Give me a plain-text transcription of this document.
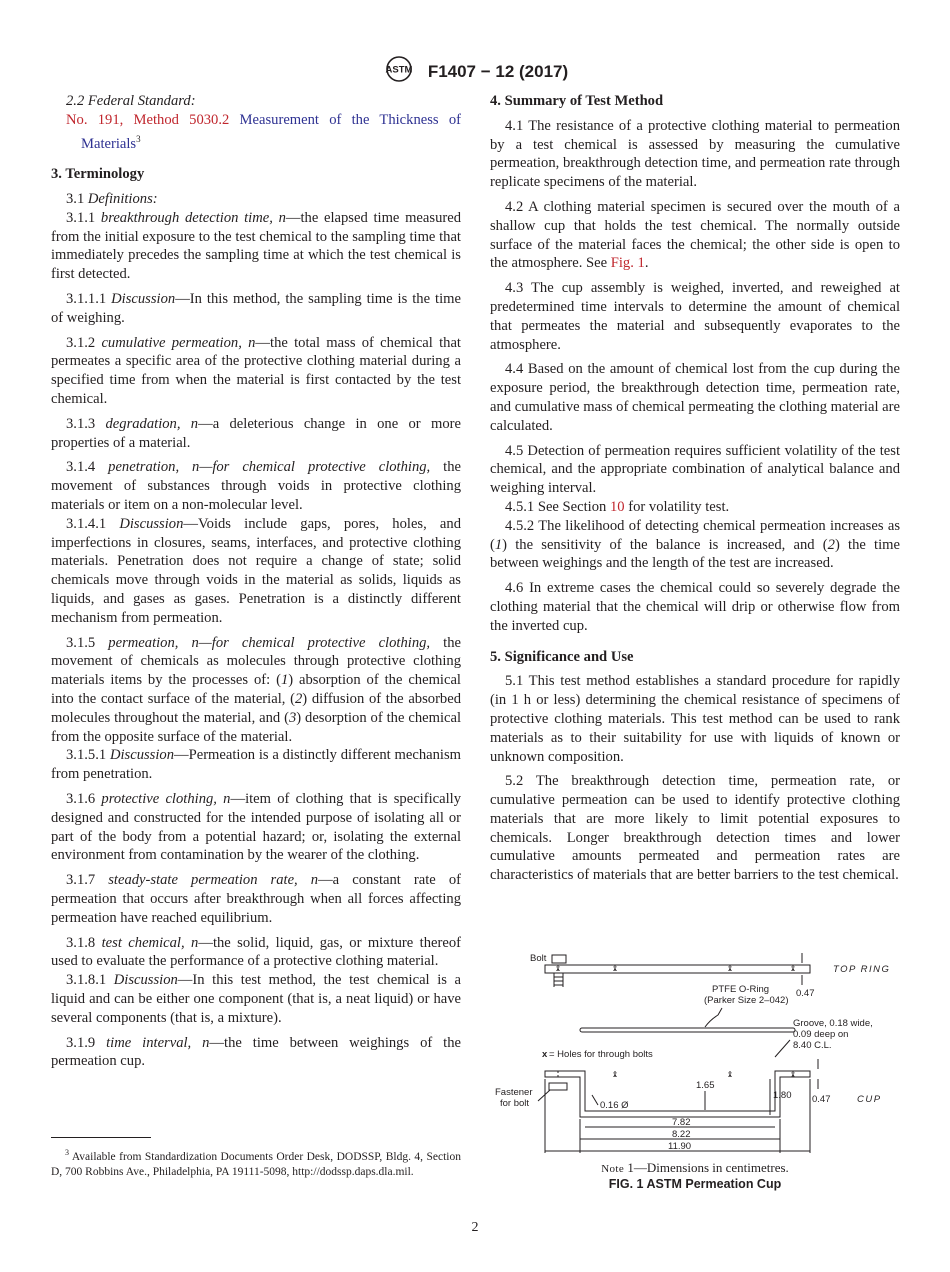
ASTM F1407 − 12 (2017)

2.2 Federal Standard:

No. 191, Method 5030.2 Measurement of the Thickness of Materials$^3$

3. Terminology

3.1 Definitions:

3.1.1 breakthrough detection time, n—the elapsed time measured from the initial exposure to the test chemical to the sampling time that immediately precedes the sampling time at which the test chemical is first detected.

3.1.1.1 Discussion—In this method, the sampling time is the time of weighing.

3.1.2 cumulative permeation, n—the total mass of chemical that permeates a specific area of the protective clothing material during a specified time from when the material is first contacted by the test chemical.

3.1.3 degradation, n—a deleterious change in one or more properties of a material.

3.1.4 penetration, n—for chemical protective clothing, the movement of substances through voids in protective clothing materials or item on a non-molecular level.

3.1.4.1 Discussion—Voids include gaps, pores, holes, and imperfections in closures, seams, interfaces, and protective clothing materials. Penetration does not require a change of state; solid chemicals move through voids in the material as solids, liquids as liquids, and gases as gases. Penetration is a distinctly different mechanism from permeation.

3.1.5 permeation, n—for chemical protective clothing, the movement of chemicals as molecules through protective clothing materials items by the processes of: (1) absorption of the chemical into the contact surface of the material, (2) diffusion of the absorbed molecules throughout the material, and (3) desorption of the chemical from the opposite surface of the material.

3.1.5.1 Discussion—Permeation is a distinctly different mechanism from penetration.

3.1.6 protective clothing, n—item of clothing that is specifically designed and constructed for the intended purpose of isolating all or part of the body from a potential hazard; or, isolating the external environment from contamination by the wearer of the clothing.

3.1.7 steady-state permeation rate, n—a constant rate of permeation that occurs after breakthrough when all forces affecting permeation have reached equilibrium.

3.1.8 test chemical, n—the solid, liquid, gas, or mixture thereof used to evaluate the performance of a protective clothing material.

3.1.8.1 Discussion—In this test method, the test chemical is a liquid and can be either one component (that is, a neat liquid) or have several components (that is, a mixture).

3.1.9 time interval, n—the time between weighings of the permeation cup.

$^3$ Available from Standardization Documents Order Desk, DODSSP, Bldg. 4, Section D, 700 Robbins Ave., Philadelphia, PA 19111-5098, http://dodssp.daps.dla.mil.
4. Summary of Test Method

4.1 The resistance of a protective clothing material to permeation by a test chemical is assessed by measuring the cumulative permeation, breakthrough detection time, and permeation rate through replicate specimens of the material.

4.2 A clothing material specimen is secured over the mouth of a shallow cup that holds the test chemical. The normally outside surface of the material faces the chemical; the other side is open to the atmosphere. See Fig. 1.

4.3 The cup assembly is weighed, inverted, and reweighed at predetermined time intervals to determine the amount of chemical that permeates the material and subsequently evaporates to the atmosphere.

4.4 Based on the amount of chemical lost from the cup during the exposure period, the breakthrough detection time, permeation rate, and cumulative mass of chemical permeating the clothing material are calculated.

4.5 Detection of permeation requires sufficient volatility of the test chemical, and the appropriate combination of analytical balance and weighing interval.

4.5.1 See Section 10 for volatility test.

4.5.2 The likelihood of detecting chemical permeation increases as (1) the sensitivity of the balance is increased, and (2) the time between weighings and the length of the test are increased.

4.6 In extreme cases the chemical could so severely degrade the clothing material that the chemical will drip or otherwise flow from the inverted cup.

5. Significance and Use

5.1 This test method establishes a standard procedure for rapidly (in 1 h or less) determining the chemical resistance of specimens of protective clothing materials. This test method can be used to rank materials as to their suitability for use with liquids of known or unknown composition.

5.2 The breakthrough detection time, permeation rate, or cumulative permeation can be used to identify protective clothing materials that are more likely to limit potential exposures to chemicals. Longer breakthrough detection times and lower cumulative amounts permeated and permeation rates are characteristics of materials that are better barriers to the test chemical.

Bolt
TOP RING
0.47
PTFE O-Ring
(Parker Size 2–042)
Groove, 0.18 wide,
0.09 deep on
8.40 C.L.
x = Holes for through bolts
Fastener
for bolt	0.16 Ø
1.65
1.80 0.47	CUP
7.82
8.22
11.90
x	x	x	x
x	x	x
Note 1—Dimensions in centimetres.
FIG. 1 ASTM Permeation Cup
2
